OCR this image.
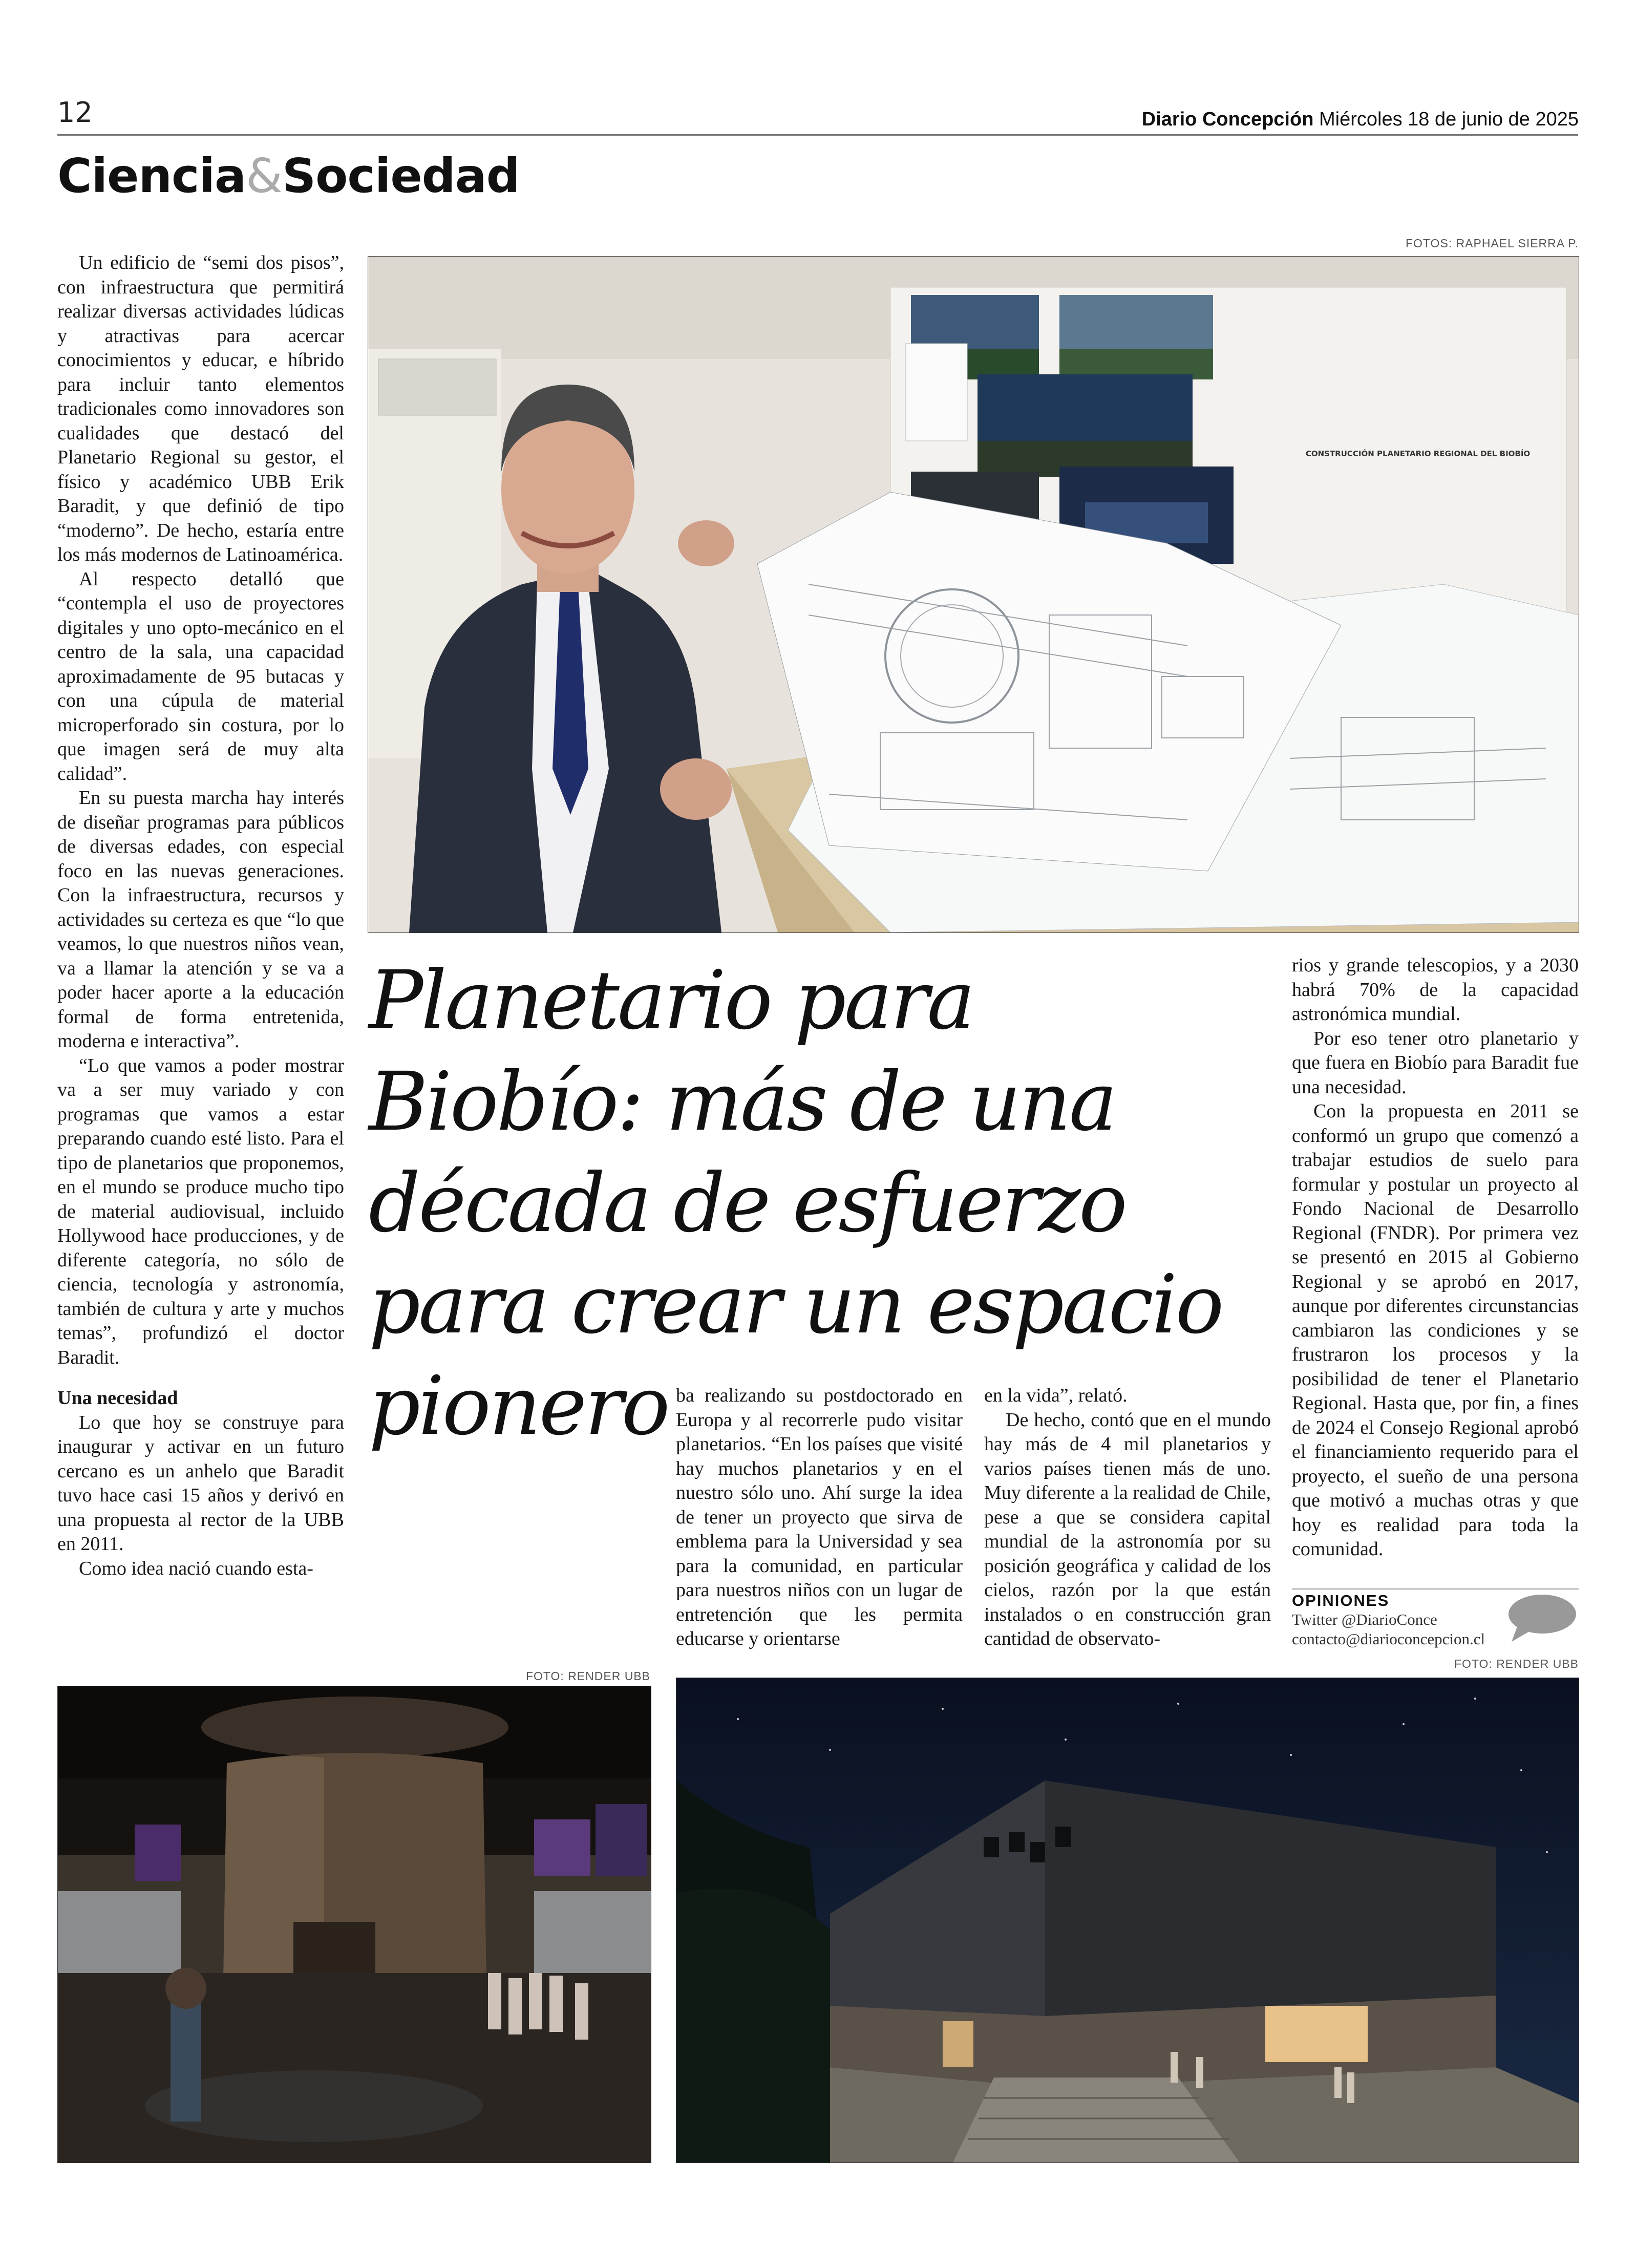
12	Diario Concepción Miércoles 18 de junio de 2025
Ciencia&Sociedad
FOTOS: RAPHAEL SIERRA P.
CONSTRUCCIÓN PLANETARIO REGIONAL DEL BIOBÍO
Planetario para Biobío: más de una década de esfuerzo para crear un espacio pionero

Un edificio de “semi dos pisos”, con infraestructura que permitirá realizar diversas actividades lúdicas y atractivas para acercar conocimientos y educar, e híbrido para incluir tanto elementos tradicionales como innovadores son cualidades que destacó del Planetario Regional su gestor, el físico y académico UBB Erik Baradit, y que definió de tipo “moderno”. De hecho, estaría entre los más modernos de Latinoamérica.

Al respecto detalló que “contempla el uso de proyectores digitales y uno opto-mecánico en el centro de la sala, una capacidad aproximadamente de 95 butacas y con una cúpula de material microperforado sin costura, por lo que imagen será de muy alta calidad”.

En su puesta marcha hay interés de diseñar programas para públicos de diversas edades, con especial foco en las nuevas generaciones. Con la infraestructura, recursos y actividades su certeza es que “lo que veamos, lo que nuestros niños vean, va a llamar la atención y se va a poder hacer aporte a la educación formal de forma entretenida, moderna e interactiva”.

“Lo que vamos a poder mostrar va a ser muy variado y con programas que vamos a estar preparando cuando esté listo. Para el tipo de planetarios que proponemos, en el mundo se produce mucho tipo de material audiovisual, incluido Hollywood hace producciones, y de diferente categoría, no sólo de ciencia, tecnología y astronomía, también de cultura y arte y muchos temas”, profundizó el doctor Baradit.

Una necesidad

Lo que hoy se construye para inaugurar y activar en un futuro cercano es un anhelo que Baradit tuvo hace casi 15 años y derivó en una propuesta al rector de la UBB en 2011.

Como idea nació cuando esta-

ba realizando su postdoctorado en Europa y al recorrerle pudo visitar planetarios. “En los países que visité hay muchos planetarios y en el nuestro sólo uno. Ahí surge la idea de tener un proyecto que sirva de emblema para la Universidad y sea para la comunidad, en particular para nuestros niños con un lugar de entretención que les permita educarse y orientarse

en la vida”, relató.

De hecho, contó que en el mundo hay más de 4 mil planetarios y varios países tienen más de uno. Muy diferente a la realidad de Chile, pese a que se considera capital mundial de la astronomía por su posición geográfica y calidad de los cielos, razón por la que están instalados o en construcción gran cantidad de observato-

rios y grande telescopios, y a 2030 habrá 70% de la capacidad astronómica mundial.

Por eso tener otro planetario y que fuera en Biobío para Baradit fue una necesidad.

Con la propuesta en 2011 se conformó un grupo que comenzó a trabajar estudios de suelo para formular y postular un proyecto al Fondo Nacional de Desarrollo Regional (FNDR). Por primera vez se presentó en 2015 al Gobierno Regional y se aprobó en 2017, aunque por diferentes circunstancias cambiaron las condiciones y se frustraron los procesos y la posibilidad de tener el Planetario Regional. Hasta que, por fin, a fines de 2024 el Consejo Regional aprobó el financiamiento requerido para el proyecto, el sueño de una persona que motivó a muchas otras y que hoy es realidad para toda la comunidad.

OPINIONES
Twitter @DiarioConce
contacto@diarioconcepcion.cl
FOTO: RENDER UBB
FOTO: RENDER UBB
